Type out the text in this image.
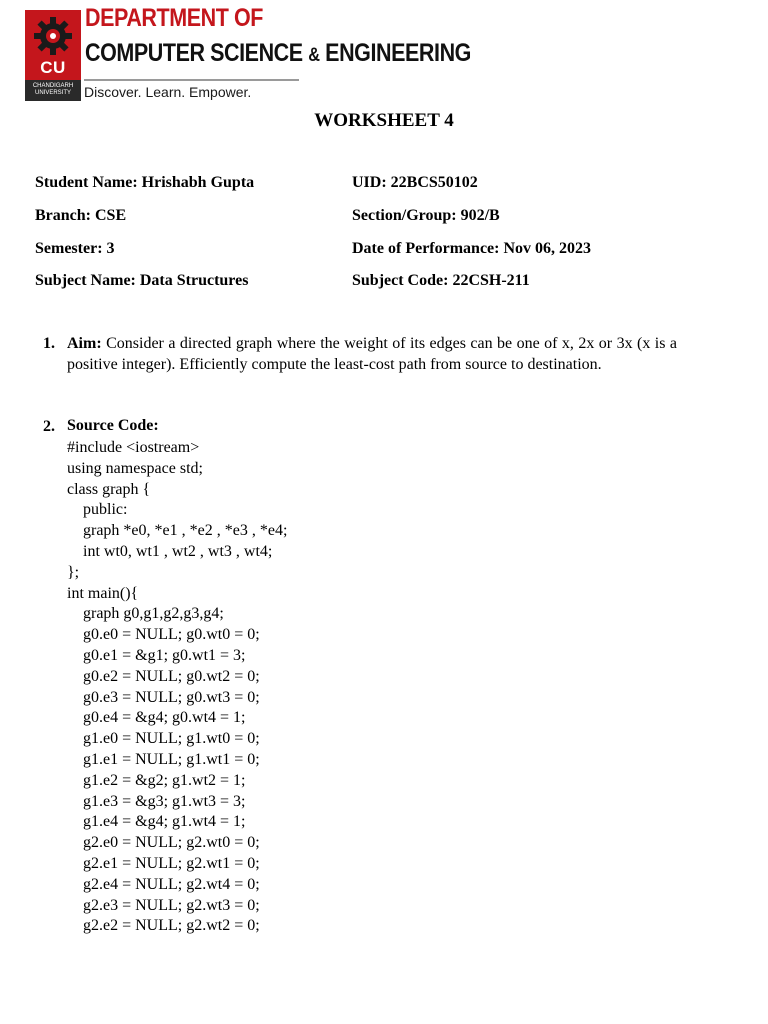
CU
CHANDIGARH
UNIVERSITY
DEPARTMENT OF
COMPUTER SCIENCE & ENGINEERING
Discover. Learn. Empower.
WORKSHEET 4
Student Name: Hrishabh Gupta	UID: 22BCS50102
Branch: CSE	Section/Group: 902/B
Semester: 3	Date of Performance: Nov 06, 2023
Subject Name: Data Structures	Subject Code: 22CSH-211
1. Aim: Consider a directed graph where the weight of its edges can be one of x, 2x or 3x (x is a positive integer). Efficiently compute the least-cost path from source to destination.
2. Source Code:
#include <iostream>
using namespace std;
class graph {
public:
graph *e0, *e1 , *e2 , *e3 , *e4;
int wt0, wt1 , wt2 , wt3 , wt4;
};
int main(){
graph g0,g1,g2,g3,g4;
g0.e0 = NULL; g0.wt0 = 0;
g0.e1 = &g1; g0.wt1 = 3;
g0.e2 = NULL; g0.wt2 = 0;
g0.e3 = NULL; g0.wt3 = 0;
g0.e4 = &g4; g0.wt4 = 1;
g1.e0 = NULL; g1.wt0 = 0;
g1.e1 = NULL; g1.wt1 = 0;
g1.e2 = &g2; g1.wt2 = 1;
g1.e3 = &g3; g1.wt3 = 3;
g1.e4 = &g4; g1.wt4 = 1;
g2.e0 = NULL; g2.wt0 = 0;
g2.e1 = NULL; g2.wt1 = 0;
g2.e4 = NULL; g2.wt4 = 0;
g2.e3 = NULL; g2.wt3 = 0;
g2.e2 = NULL; g2.wt2 = 0;
